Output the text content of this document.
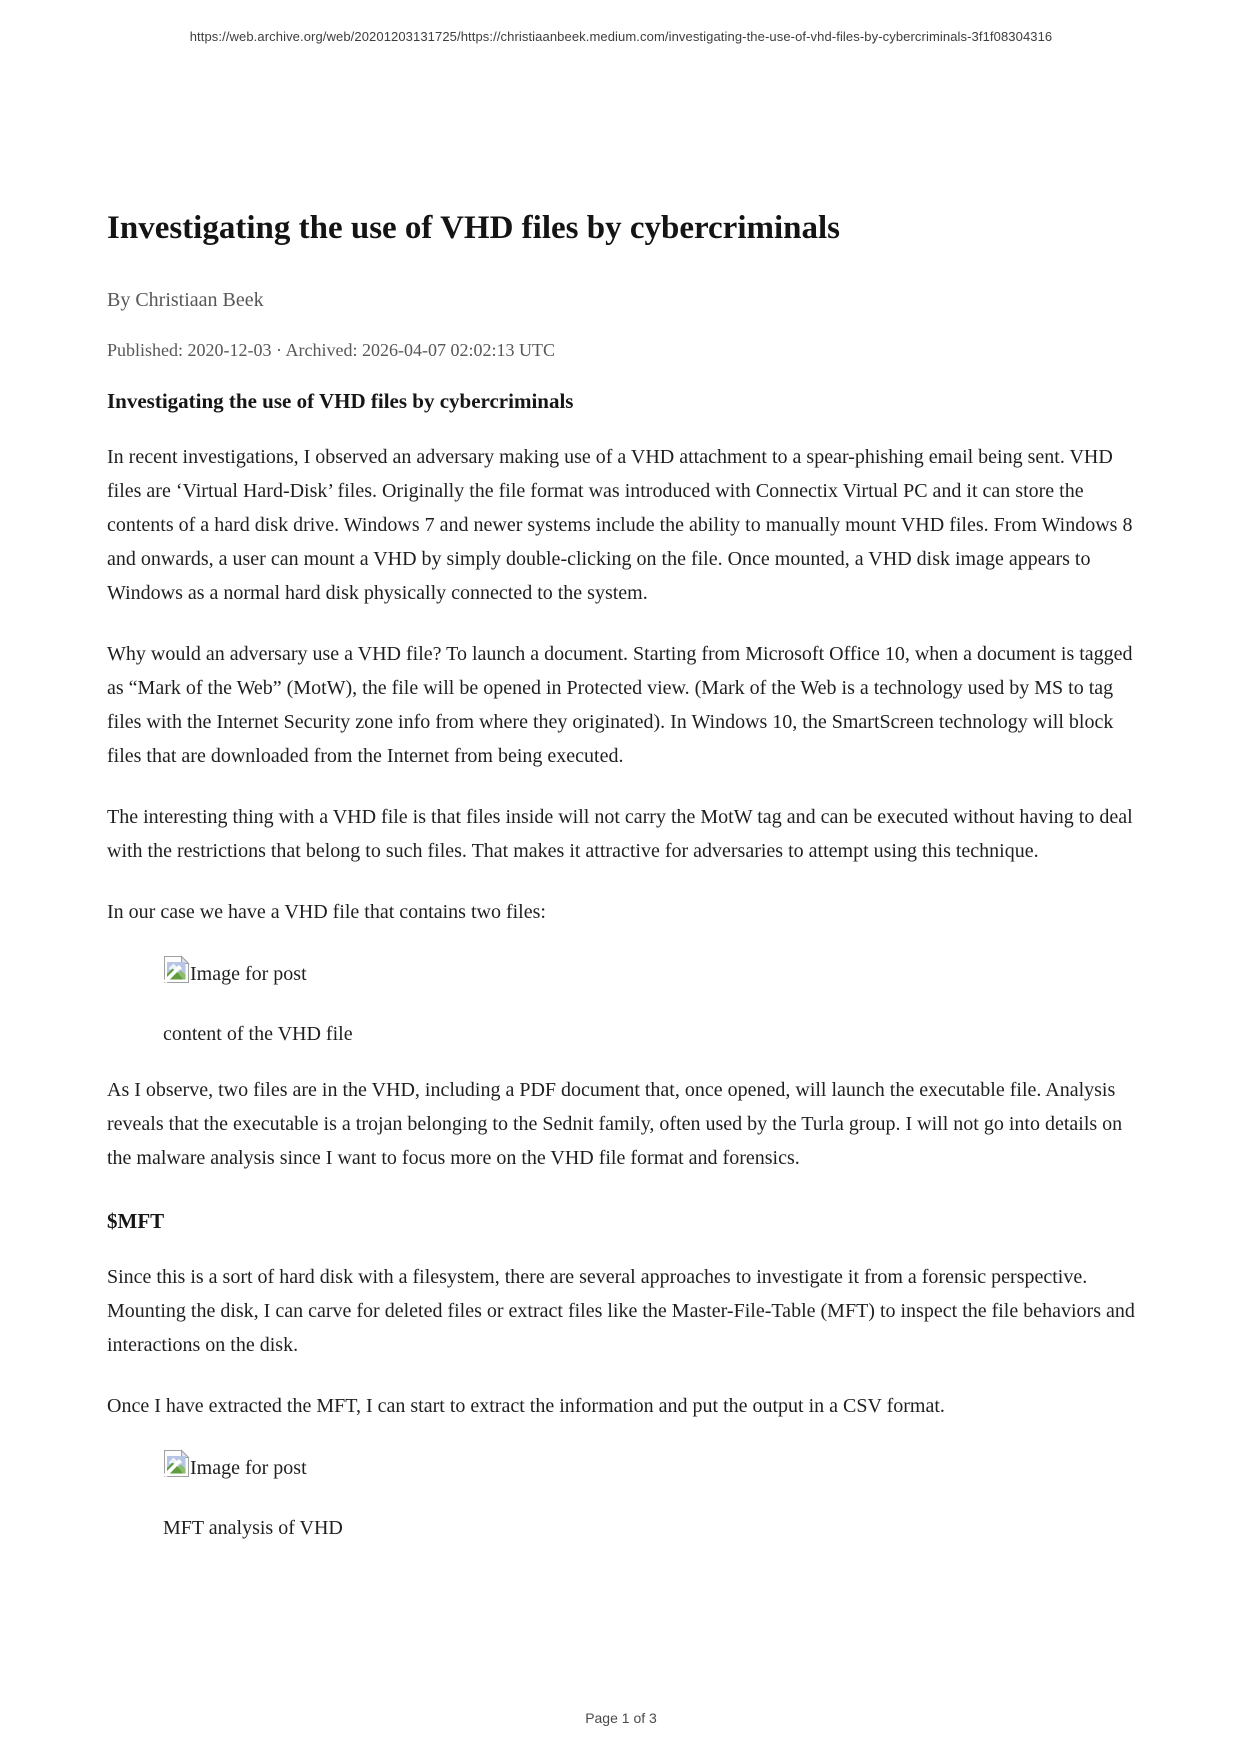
https://web.archive.org/web/20201203131725/https://christiaanbeek.medium.com/investigating-the-use-of-vhd-files-by-cybercriminals-3f1f08304316
Investigating the use of VHD files by cybercriminals
By Christiaan Beek
Published: 2020-12-03 · Archived: 2026-04-07 02:02:13 UTC
Investigating the use of VHD files by cybercriminals

In recent investigations, I observed an adversary making use of a VHD attachment to a spear-phishing email being sent. VHD files are ‘Virtual Hard-Disk’ files. Originally the file format was introduced with Connectix Virtual PC and it can store the contents of a hard disk drive. Windows 7 and newer systems include the ability to manually mount VHD files. From Windows 8 and onwards, a user can mount a VHD by simply double-clicking on the file. Once mounted, a VHD disk image appears to Windows as a normal hard disk physically connected to the system.

Why would an adversary use a VHD file? To launch a document. Starting from Microsoft Office 10, when a document is tagged as “Mark of the Web” (MotW), the file will be opened in Protected view. (Mark of the Web is a technology used by MS to tag files with the Internet Security zone info from where they originated). In Windows 10, the SmartScreen technology will block files that are downloaded from the Internet from being executed.

The interesting thing with a VHD file is that files inside will not carry the MotW tag and can be executed without having to deal with the restrictions that belong to such files. That makes it attractive for adversaries to attempt using this technique.

In our case we have a VHD file that contains two files:

Image for post
content of the VHD file

As I observe, two files are in the VHD, including a PDF document that, once opened, will launch the executable file. Analysis reveals that the executable is a trojan belonging to the Sednit family, often used by the Turla group. I will not go into details on the malware analysis since I want to focus more on the VHD file format and forensics.

$MFT

Since this is a sort of hard disk with a filesystem, there are several approaches to investigate it from a forensic perspective. Mounting the disk, I can carve for deleted files or extract files like the Master-File-Table (MFT) to inspect the file behaviors and interactions on the disk.

Once I have extracted the MFT, I can start to extract the information and put the output in a CSV format.

Image for post
MFT analysis of VHD
Page 1 of 3
